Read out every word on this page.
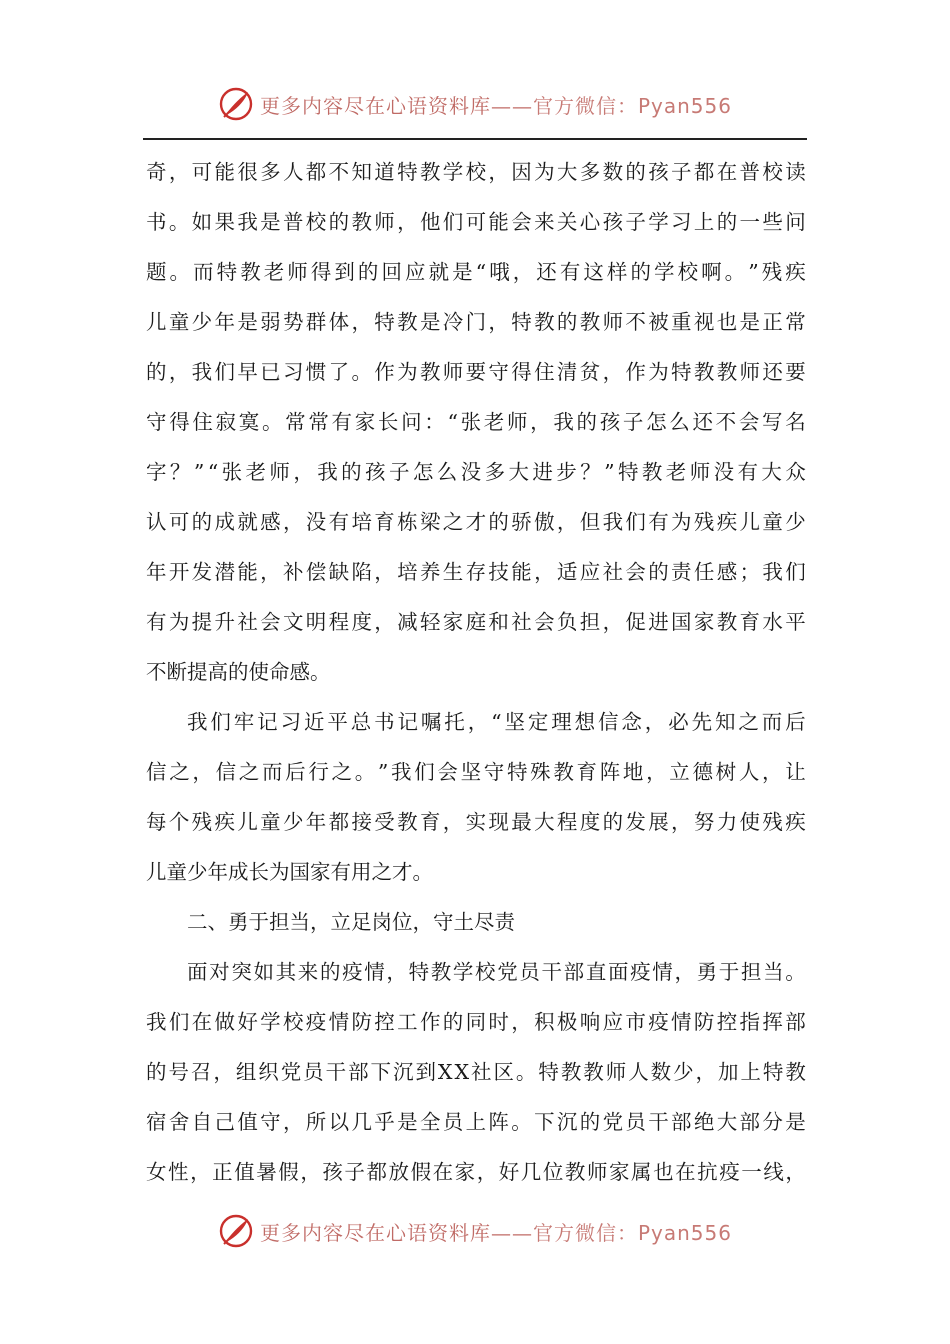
更多内容尽在心语资料库——官方微信：Pyan556
奇 ， 可 能 很 多 人 都 不 知 道 特 教 学 校 ， 因 为 大 多 数 的 孩 子 都 在 普 校 读
书 。 如 果 我 是 普 校 的 教 师 ， 他 们 可 能 会 来 关 心 孩 子 学 习 上 的 一 些 问
题 。 而 特 教 老 师 得 到 的 回 应 就 是 “ 哦 ， 还 有 这 样 的 学 校 啊 。 ” 残 疾
儿 童 少 年 是 弱 势 群 体 ， 特 教 是 冷 门 ， 特 教 的 教 师 不 被 重 视 也 是 正 常
的 ， 我 们 早 已 习 惯 了 。 作 为 教 师 要 守 得 住 清 贫 ， 作 为 特 教 教 师 还 要
守 得 住 寂 寞 。 常 常 有 家 长 问 ： “ 张 老 师 ， 我 的 孩 子 怎 么 还 不 会 写 名
字 ？ ” “ 张 老 师 ， 我 的 孩 子 怎 么 没 多 大 进 步 ？ ” 特 教 老 师 没 有 大 众
认 可 的 成 就 感 ， 没 有 培 育 栋 梁 之 才 的 骄 傲 ， 但 我 们 有 为 残 疾 儿 童 少
年 开 发 潜 能 ， 补 偿 缺 陷 ， 培 养 生 存 技 能 ， 适 应 社 会 的 责 任 感 ； 我 们
有 为 提 升 社 会 文 明 程 度 ， 减 轻 家 庭 和 社 会 负 担 ， 促 进 国 家 教 育 水 平
不断提高的使命感。
我 们 牢 记 习 近 平 总 书 记 嘱 托 ， “ 坚 定 理 想 信 念 ， 必 先 知 之 而 后
信 之 ， 信 之 而 后 行 之 。 ” 我 们 会 坚 守 特 殊 教 育 阵 地 ， 立 德 树 人 ， 让
每 个 残 疾 儿 童 少 年 都 接 受 教 育 ， 实 现 最 大 程 度 的 发 展 ， 努 力 使 残 疾
儿童少年成长为国家有用之才。
二、勇于担当，立足岗位，守土尽责
面 对 突 如 其 来 的 疫 情 ， 特 教 学 校 党 员 干 部 直 面 疫 情 ， 勇 于 担 当 。
我 们 在 做 好 学 校 疫 情 防 控 工 作 的 同 时 ， 积 极 响 应 市 疫 情 防 控 指 挥 部
的 号 召 ， 组 织 党 员 干 部 下 沉 到 X X 社 区 。 特 教 教 师 人 数 少 ， 加 上 特 教
宿 舍 自 己 值 守 ， 所 以 几 乎 是 全 员 上 阵 。 下 沉 的 党 员 干 部 绝 大 部 分 是
女 性 ， 正 值 暑 假 ， 孩 子 都 放 假 在 家 ， 好 几 位 教 师 家 属 也 在 抗 疫 一 线 ，
更多内容尽在心语资料库——官方微信：Pyan556
